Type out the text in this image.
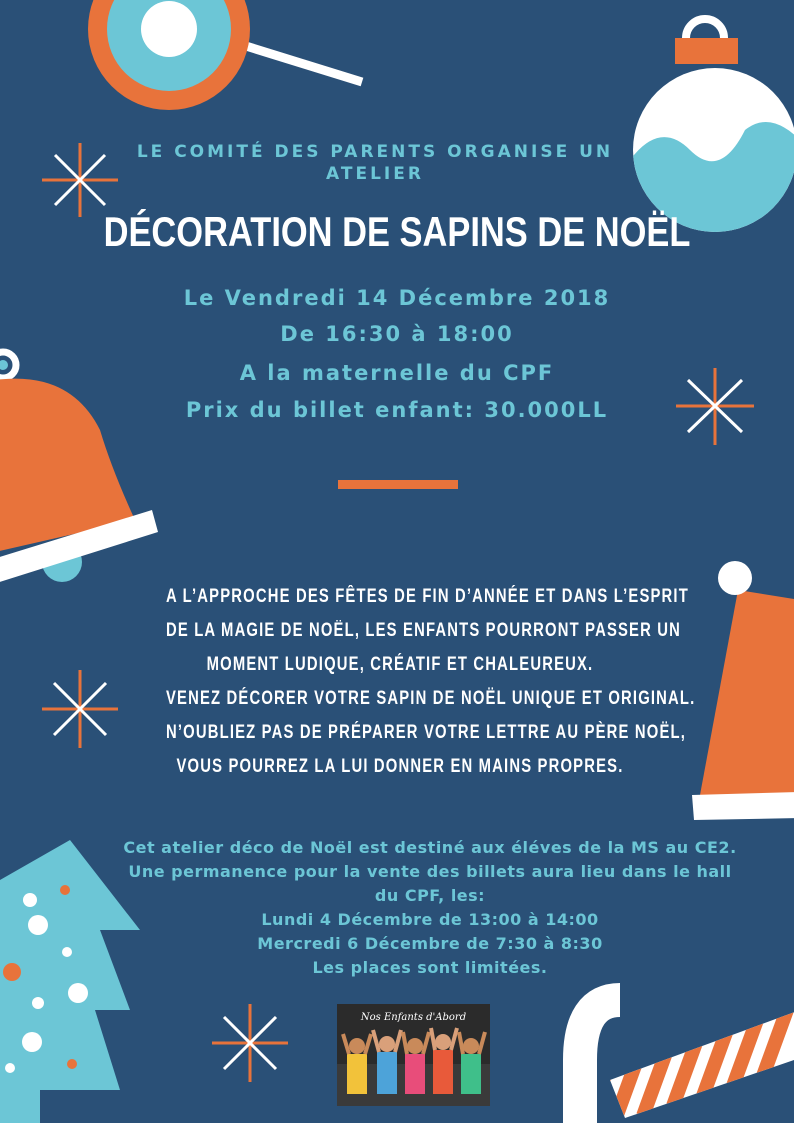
LE COMITÉ DES PARENTS ORGANISE UN ATELIER

DÉCORATION DE SAPINS DE NOËL

Le Vendredi 14 Décembre 2018

De 16:30 à 18:00

A la maternelle du CPF

Prix du billet enfant: 30.000LL

A L’APPROCHE DES FÊTES DE FIN D’ANNÉE ET DANS L’ESPRIT
DE LA MAGIE DE NOËL, LES ENFANTS POURRONT PASSER UN
MOMENT LUDIQUE, CRÉATIF ET CHALEUREUX.
VENEZ DÉCORER VOTRE SAPIN DE NOËL UNIQUE ET ORIGINAL.
N’OUBLIEZ PAS DE PRÉPARER VOTRE LETTRE AU PÈRE NOËL,
VOUS POURREZ LA LUI DONNER EN MAINS PROPRES.
Cet atelier déco de Noël est destiné aux éléves de la MS au CE2.
Une permanence pour la vente des billets aura lieu dans le hall du CPF, les:
Lundi 4 Décembre de 13:00 à 14:00
Mercredi 6 Décembre de 7:30 à 8:30
Les places sont limitées.
Nos Enfants d'Abord
